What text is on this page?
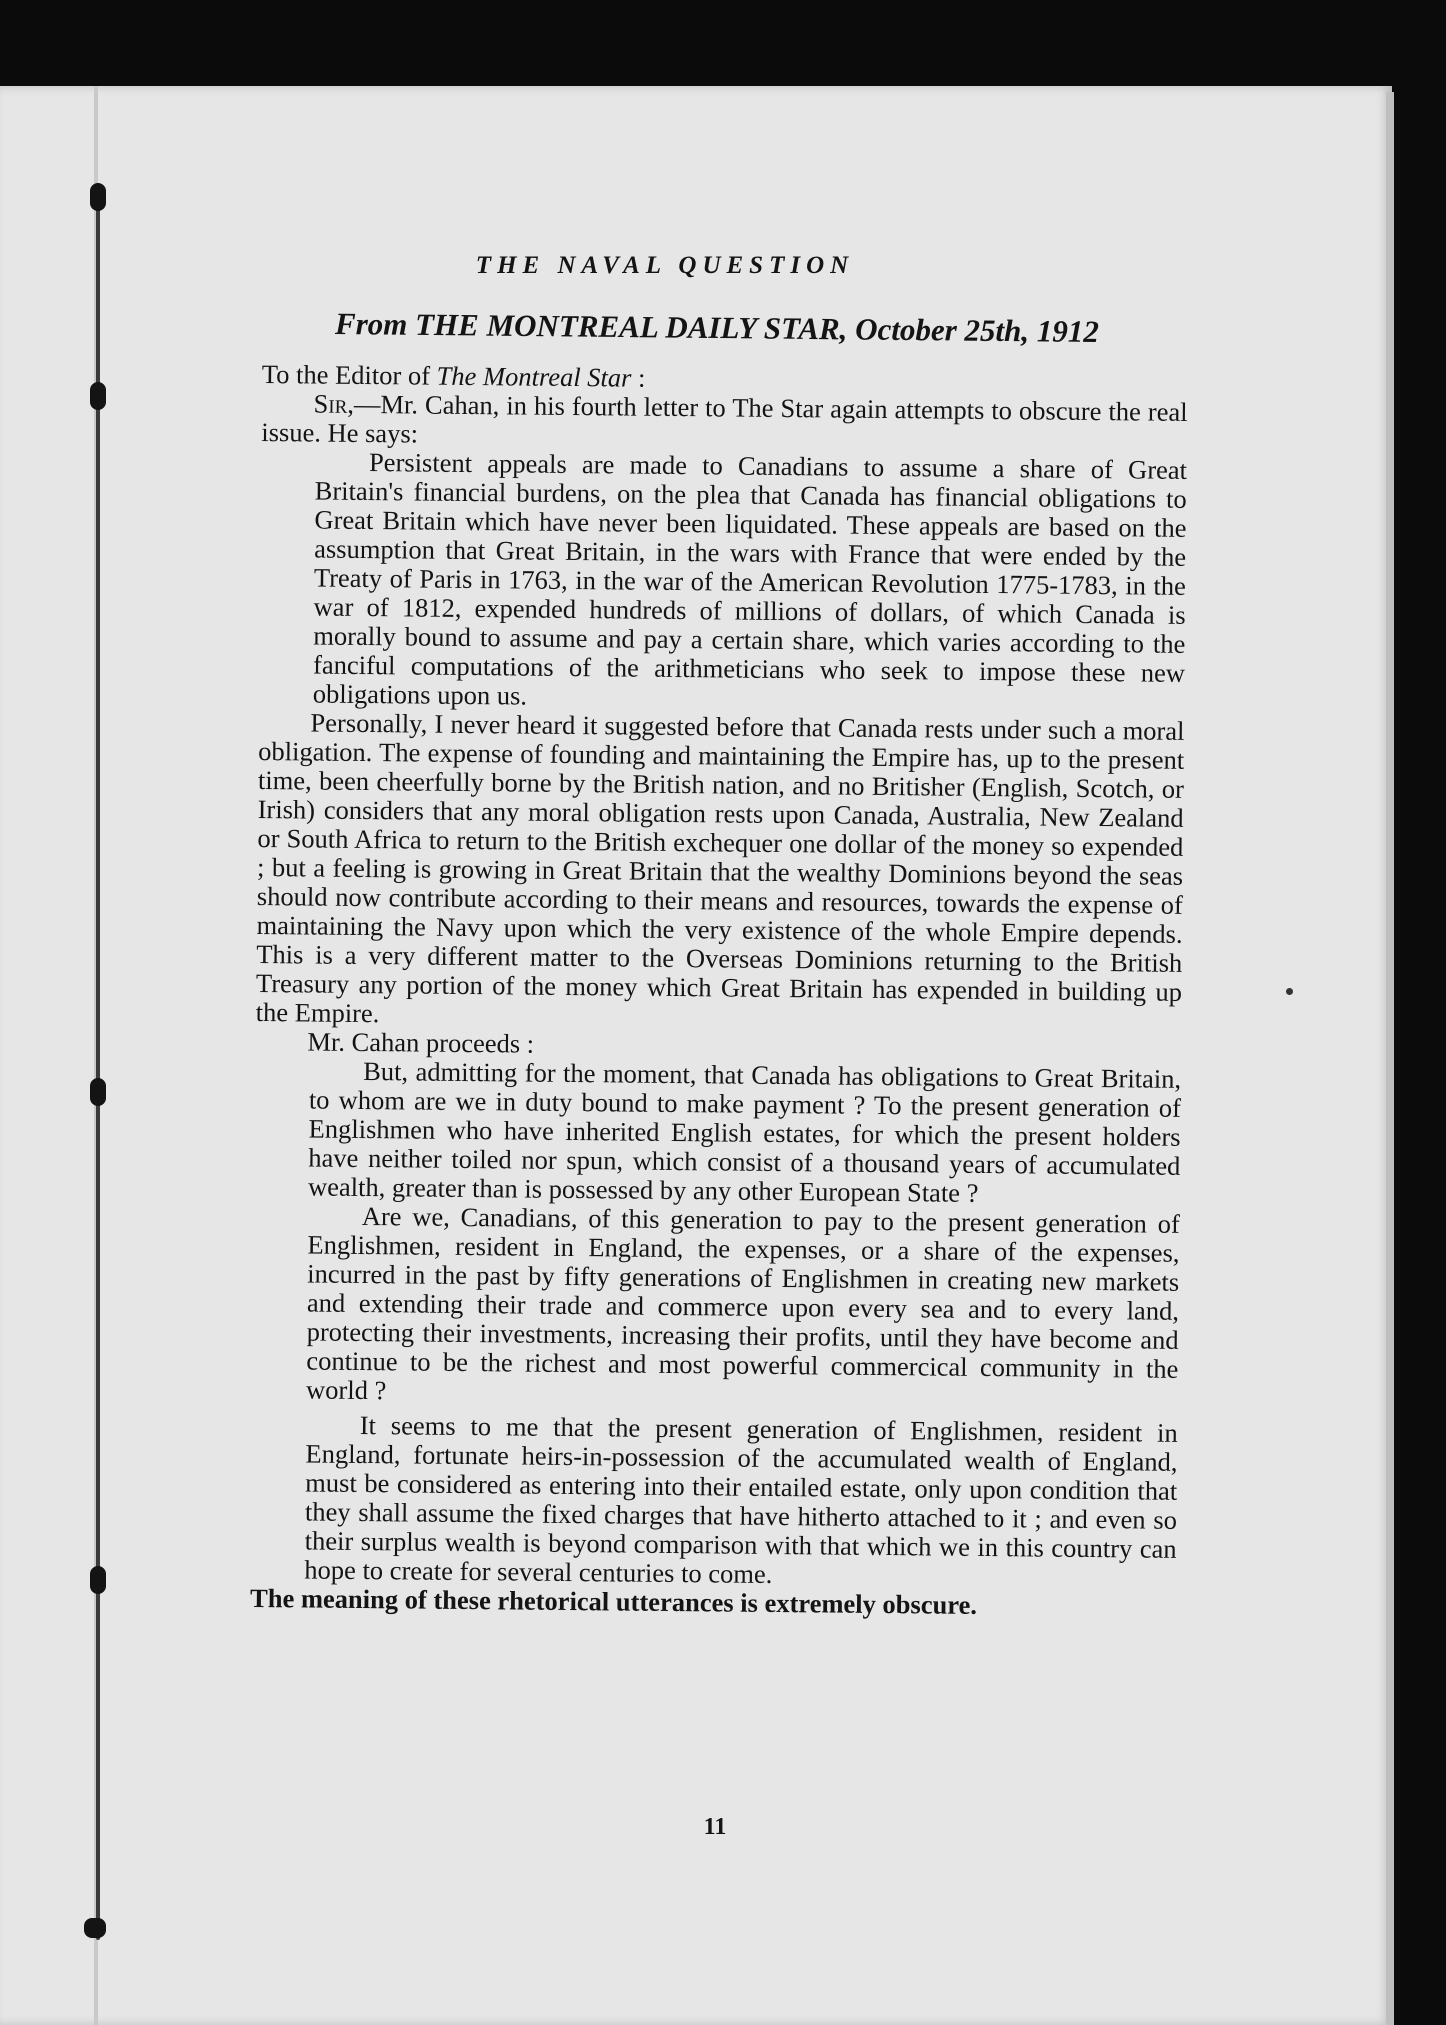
THE NAVAL QUESTION
From THE MONTREAL DAILY STAR, October 25th, 1912

To the Editor of The Montreal Star :

Sir,—Mr. Cahan, in his fourth letter to The Star again attempts to obscure the real issue. He says:

Persistent appeals are made to Canadians to assume a share of Great Britain's financial burdens, on the plea that Canada has financial obligations to Great Britain which have never been liquidated. These appeals are based on the assumption that Great Britain, in the wars with France that were ended by the Treaty of Paris in 1763, in the war of the American Revolution 1775-1783, in the war of 1812, expended hundreds of millions of dollars, of which Canada is morally bound to assume and pay a certain share, which varies according to the fanciful computations of the arithmeticians who seek to impose these new obligations upon us.

Personally, I never heard it suggested before that Canada rests under such a moral obligation. The expense of founding and maintaining the Empire has, up to the present time, been cheerfully borne by the British nation, and no Britisher (English, Scotch, or Irish) considers that any moral obligation rests upon Canada, Australia, New Zealand or South Africa to return to the British exchequer one dollar of the money so expended ; but a feeling is growing in Great Britain that the wealthy Dominions beyond the seas should now contribute according to their means and resources, towards the expense of maintaining the Navy upon which the very existence of the whole Empire depends. This is a very different matter to the Overseas Dominions returning to the British Treasury any portion of the money which Great Britain has expended in building up the Empire.

Mr. Cahan proceeds :

But, admitting for the moment, that Canada has obligations to Great Britain, to whom are we in duty bound to make payment ? To the present generation of Englishmen who have inherited English estates, for which the present holders have neither toiled nor spun, which consist of a thousand years of accumulated wealth, greater than is possessed by any other European State ?

Are we, Canadians, of this generation to pay to the present generation of Englishmen, resident in England, the expenses, or a share of the expenses, incurred in the past by fifty generations of Englishmen in creating new markets and extending their trade and commerce upon every sea and to every land, protecting their investments, increasing their profits, until they have become and continue to be the richest and most powerful commercical community in the world ?

It seems to me that the present generation of Englishmen, resident in England, fortunate heirs-in-possession of the accumulated wealth of England, must be considered as entering into their entailed estate, only upon condition that they shall assume the fixed charges that have hitherto attached to it ; and even so their surplus wealth is beyond comparison with that which we in this country can hope to create for several centuries to come.

The meaning of these rhetorical utterances is extremely obscure.

11
